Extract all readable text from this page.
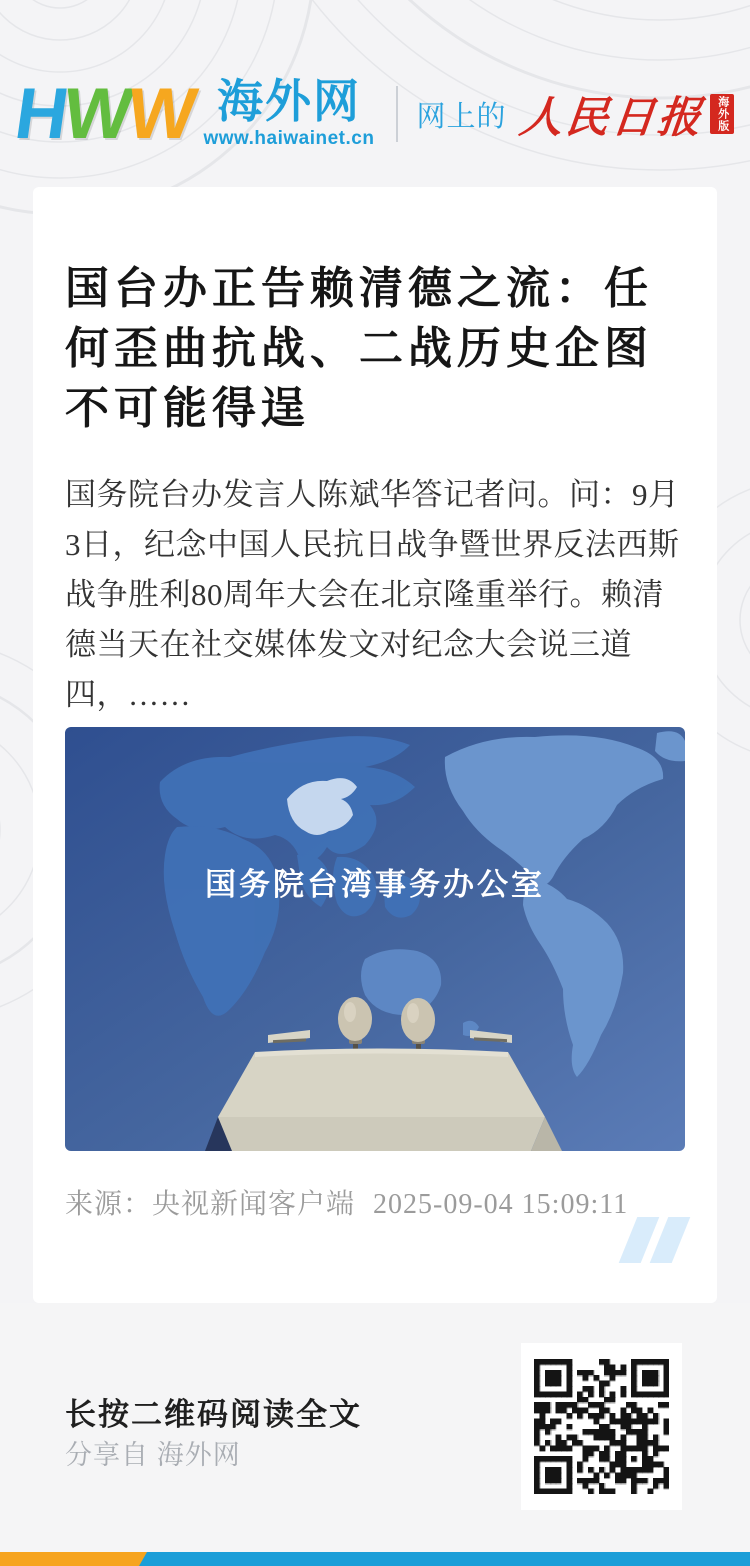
HWW 海外网
www.haiwainet.cn
网上的 人民日报 海外版
国台办正告赖清德之流：任何歪曲抗战、二战历史企图不可能得逞

国务院台办发言人陈斌华答记者问。问：9月3日，纪念中国人民抗日战争暨世界反法西斯战争胜利80周年大会在北京隆重举行。赖清德当天在社交媒体发文对纪念大会说三道四，……

国务院台湾事务办公室
来源：央视新闻客户端 2025-09-04 15:09:11
长按二维码阅读全文
分享自 海外网
